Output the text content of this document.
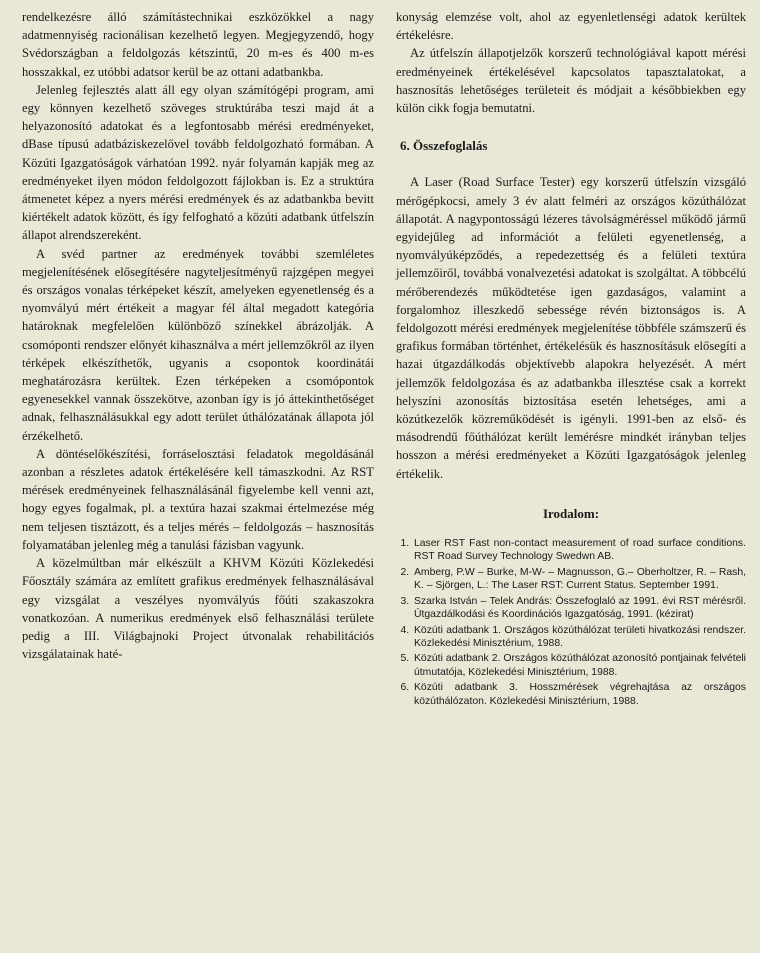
rendelkezésre álló számítástechnikai eszközökkel a nagy adatmennyiség racionálisan kezelhető legyen. Megjegyzendő, hogy Svédországban a feldolgozás kétszintű, 20 m-es és 400 m-es hosszakkal, ez utóbbi adatsor kerül be az ottani adatbankba.

Jelenleg fejlesztés alatt áll egy olyan számítógépi program, ami egy könnyen kezelhető szöveges struktúrába teszi majd át a helyazonosító adatokat és a legfontosabb mérési eredményeket, dBase típusú adatbáziskezelővel tovább feldolgozható formában. A Közúti Igazgatóságok várhatóan 1992. nyár folyamán kapják meg az eredményeket ilyen módon feldolgozott fájlokban is. Ez a struktúra átmenetet képez a nyers mérési eredmények és az adatbankba bevitt kiértékelt adatok között, és így felfogható a közúti adatbank útfelszín állapot alrendszereként.

A svéd partner az eredmények további szemléletes megjelenítésének elősegítésére nagyteljesítményű rajzgépen megyei és országos vonalas térképeket készít, amelyeken egyenetlenség és a nyomvályú mért értékeit a magyar fél által megadott kategória határoknak megfelelően különböző színekkel ábrázolják. A csomóponti rendszer előnyét kihasználva a mért jellemzőkről az ilyen térképek elkészíthetők, ugyanis a csopontok koordinátái meghatározásra kerültek. Ezen térképeken a csomópontok egyenesekkel vannak összekötve, azonban így is jó áttekinthetőséget adnak, felhasználásukkal egy adott terület úthálózatának állapota jól érzékelhető.

A döntéselőkészítési, forráselosztási feladatok megoldásánál azonban a részletes adatok értékelésére kell támaszkodni. Az RST mérések eredményeinek felhasználásánál figyelembe kell venni azt, hogy egyes fogalmak, pl. a textúra hazai szakmai értelmezése még nem teljesen tisztázott, és a teljes mérés – feldolgozás – hasznosítás folyamatában jelenleg még a tanulási fázisban vagyunk.

A közelmúltban már elkészült a KHVM Közúti Közlekedési Főosztály számára az említett grafikus eredmények felhasználásával egy vizsgálat a veszélyes nyomvályús főúti szakaszokra vonatkozóan. A numerikus eredmények első felhasználási területe pedig a III. Világbajnoki Project útvonalak rehabilitációs vizsgálatainak haté-

konyság elemzése volt, ahol az egyenletlenségi adatok kerültek értékelésre.

Az útfelszín állapotjelzők korszerű technológiával kapott mérési eredményeinek értékelésével kapcsolatos tapasztalatokat, a hasznosítás lehetőséges területeit és módjait a későbbiekben egy külön cikk fogja bemutatni.

6. Összefoglalás

A Laser (Road Surface Tester) egy korszerű útfelszín vizsgáló mérőgépkocsi, amely 3 év alatt felméri az országos közúthálózat állapotát. A nagypontosságú lézeres távolságméréssel működő jármű egyidejűleg ad információt a felületi egyenetlenség, a nyomvályúképződés, a repedezettség és a felületi textúra jellemzőiről, továbbá vonalvezetési adatokat is szolgáltat. A többcélú mérőberendezés működtetése igen gazdaságos, valamint a forgalomhoz illeszkedő sebessége révén biztonságos is. A feldolgozott mérési eredmények megjelenítése többféle számszerű és grafikus formában történhet, értékelésük és hasznosításuk elősegíti a hazai útgazdálkodás objektívebb alapokra helyezését. A mért jellemzők feldolgozása és az adatbankba illesztése csak a korrekt helyszíni azonosítás biztosítása esetén lehetséges, ami a közútkezelők közreműködését is igényli. 1991-ben az első- és másodrendű főúthálózat került lemérésre mindkét irányban teljes hosszon a mérési eredményeket a Közúti Igazgatóságok jelenleg értékelik.

Irodalom:
1. Laser RST Fast non-contact measurement of road surface conditions. RST Road Survey Technology Swedwn AB.
2. Amberg, P.W – Burke, M-W- – Magnusson, G.– Oberholtzer, R. – Rash, K. – Sjörgen, L.: The Laser RST: Current Status. September 1991.
3. Szarka István – Telek András: Összefoglaló az 1991. évi RST mérésről. Útgazdálkodási és Koordinációs Igazgatóság, 1991. (kézirat)
4. Közúti adatbank 1. Országos közúthálózat területi hivatkozási rendszer. Közlekedési Minisztérium, 1988.
5. Közúti adatbank 2. Országos közúthálózat azonosító pontjainak felvételi útmutatója, Közlekedési Minisztérium, 1988.
6. Közúti adatbank 3. Hosszmérések végrehajtása az országos közúthálózaton. Közlekedési Minisztérium, 1988.
